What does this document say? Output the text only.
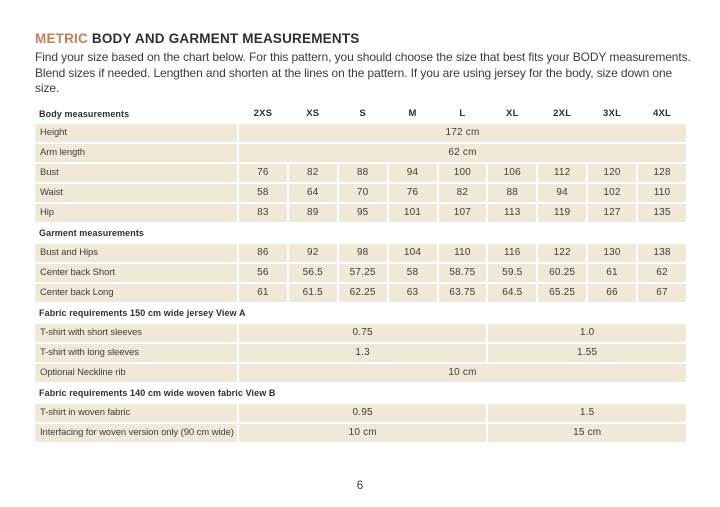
METRIC BODY AND GARMENT MEASUREMENTS

Find your size based on the chart below. For this pattern, you should choose the size that best fits your BODY measurements. Blend sizes if needed. Lengthen and shorten at the lines on the pattern. If you are using jersey for the body, size down one size.

Body measurements	2XS	XS	S	M	L	XL	2XL	3XL	4XL
Height	172 cm								
Arm length	62 cm								
Bust	76	82	88	94	100	106	112	120	128
Waist	58	64	70	76	82	88	94	102	110
Hip	83	89	95	101	107	113	119	127	135
Garment measurements									
Bust and Hips	86	92	98	104	110	116	122	130	138
Center back Short	56	56.5	57.25	58	58.75	59.5	60.25	61	62
Center back Long	61	61.5	62.25	63	63.75	64.5	65.25	66	67
Fabric requirements 150 cm wide jersey View A									
T-shirt with short sleeves	0.75					1.0			
T-shirt with long sleeves	1.3					1.55			
Optional Neckline rib	10 cm								
Fabric requirements 140 cm wide woven fabric View B									
T-shirt in woven fabric	0.95					1.5			
Interfacing for woven version only (90 cm wide)	10 cm					15 cm			
6
